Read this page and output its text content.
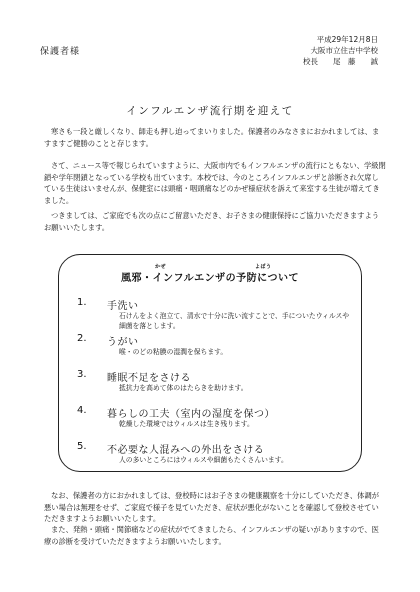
保護者様
平成29年12月8日
大阪市立住吉中学校
校長　　尾　藤　　誠
インフルエンザ流行期を迎えて

寒さも一段と厳しくなり、師走も押し迫ってまいりました。保護者のみなさまにおかれましては、ますますご健勝のことと存じます。

さて、ニュース等で報じられていますように、大阪市内でもインフルエンザの流行にともない、学級閉鎖や学年閉鎖となっている学校も出ています。本校では、今のところインフルエンザと診断され欠席している生徒はいませんが、保健室には頭痛・咽頭痛などのかぜ様症状を訴えて来室する生徒が増えてきました。

つきましては、ご家庭でも次の点にご留意いただき、お子さまの健康保持にご協力いただきますようお願いいたします。

かぜ	よぼう
風邪・インフルエンザの予防について
1. 手洗い
石けんをよく泡立て、清水で十分に洗い流すことで、手についたウィルスや細菌を落とします。
2. うがい
喉・のどの粘膜の湿潤を保ちます。
3. 睡眠不足をさける
抵抗力を高めて体のはたらきを助けます。
4. 暮らしの工夫（室内の湿度を保つ）
乾燥した環境ではウィルスは生き残ります。
5. 不必要な人混みへの外出をさける
人の多いところにはウィルスや細菌もたくさんいます。

なお、保護者の方におかれましては、登校時にはお子さまの健康観察を十分にしていただき、体調が悪い場合は無理をせず、ご家庭で様子を見ていただき、症状が悪化がないことを確認して登校させていただきますようお願いいたします。

また、発熱・頭痛・関節痛などの症状がでてきましたら、インフルエンザの疑いがありますので、医療の診断を受けていただきますようお願いいたします。
